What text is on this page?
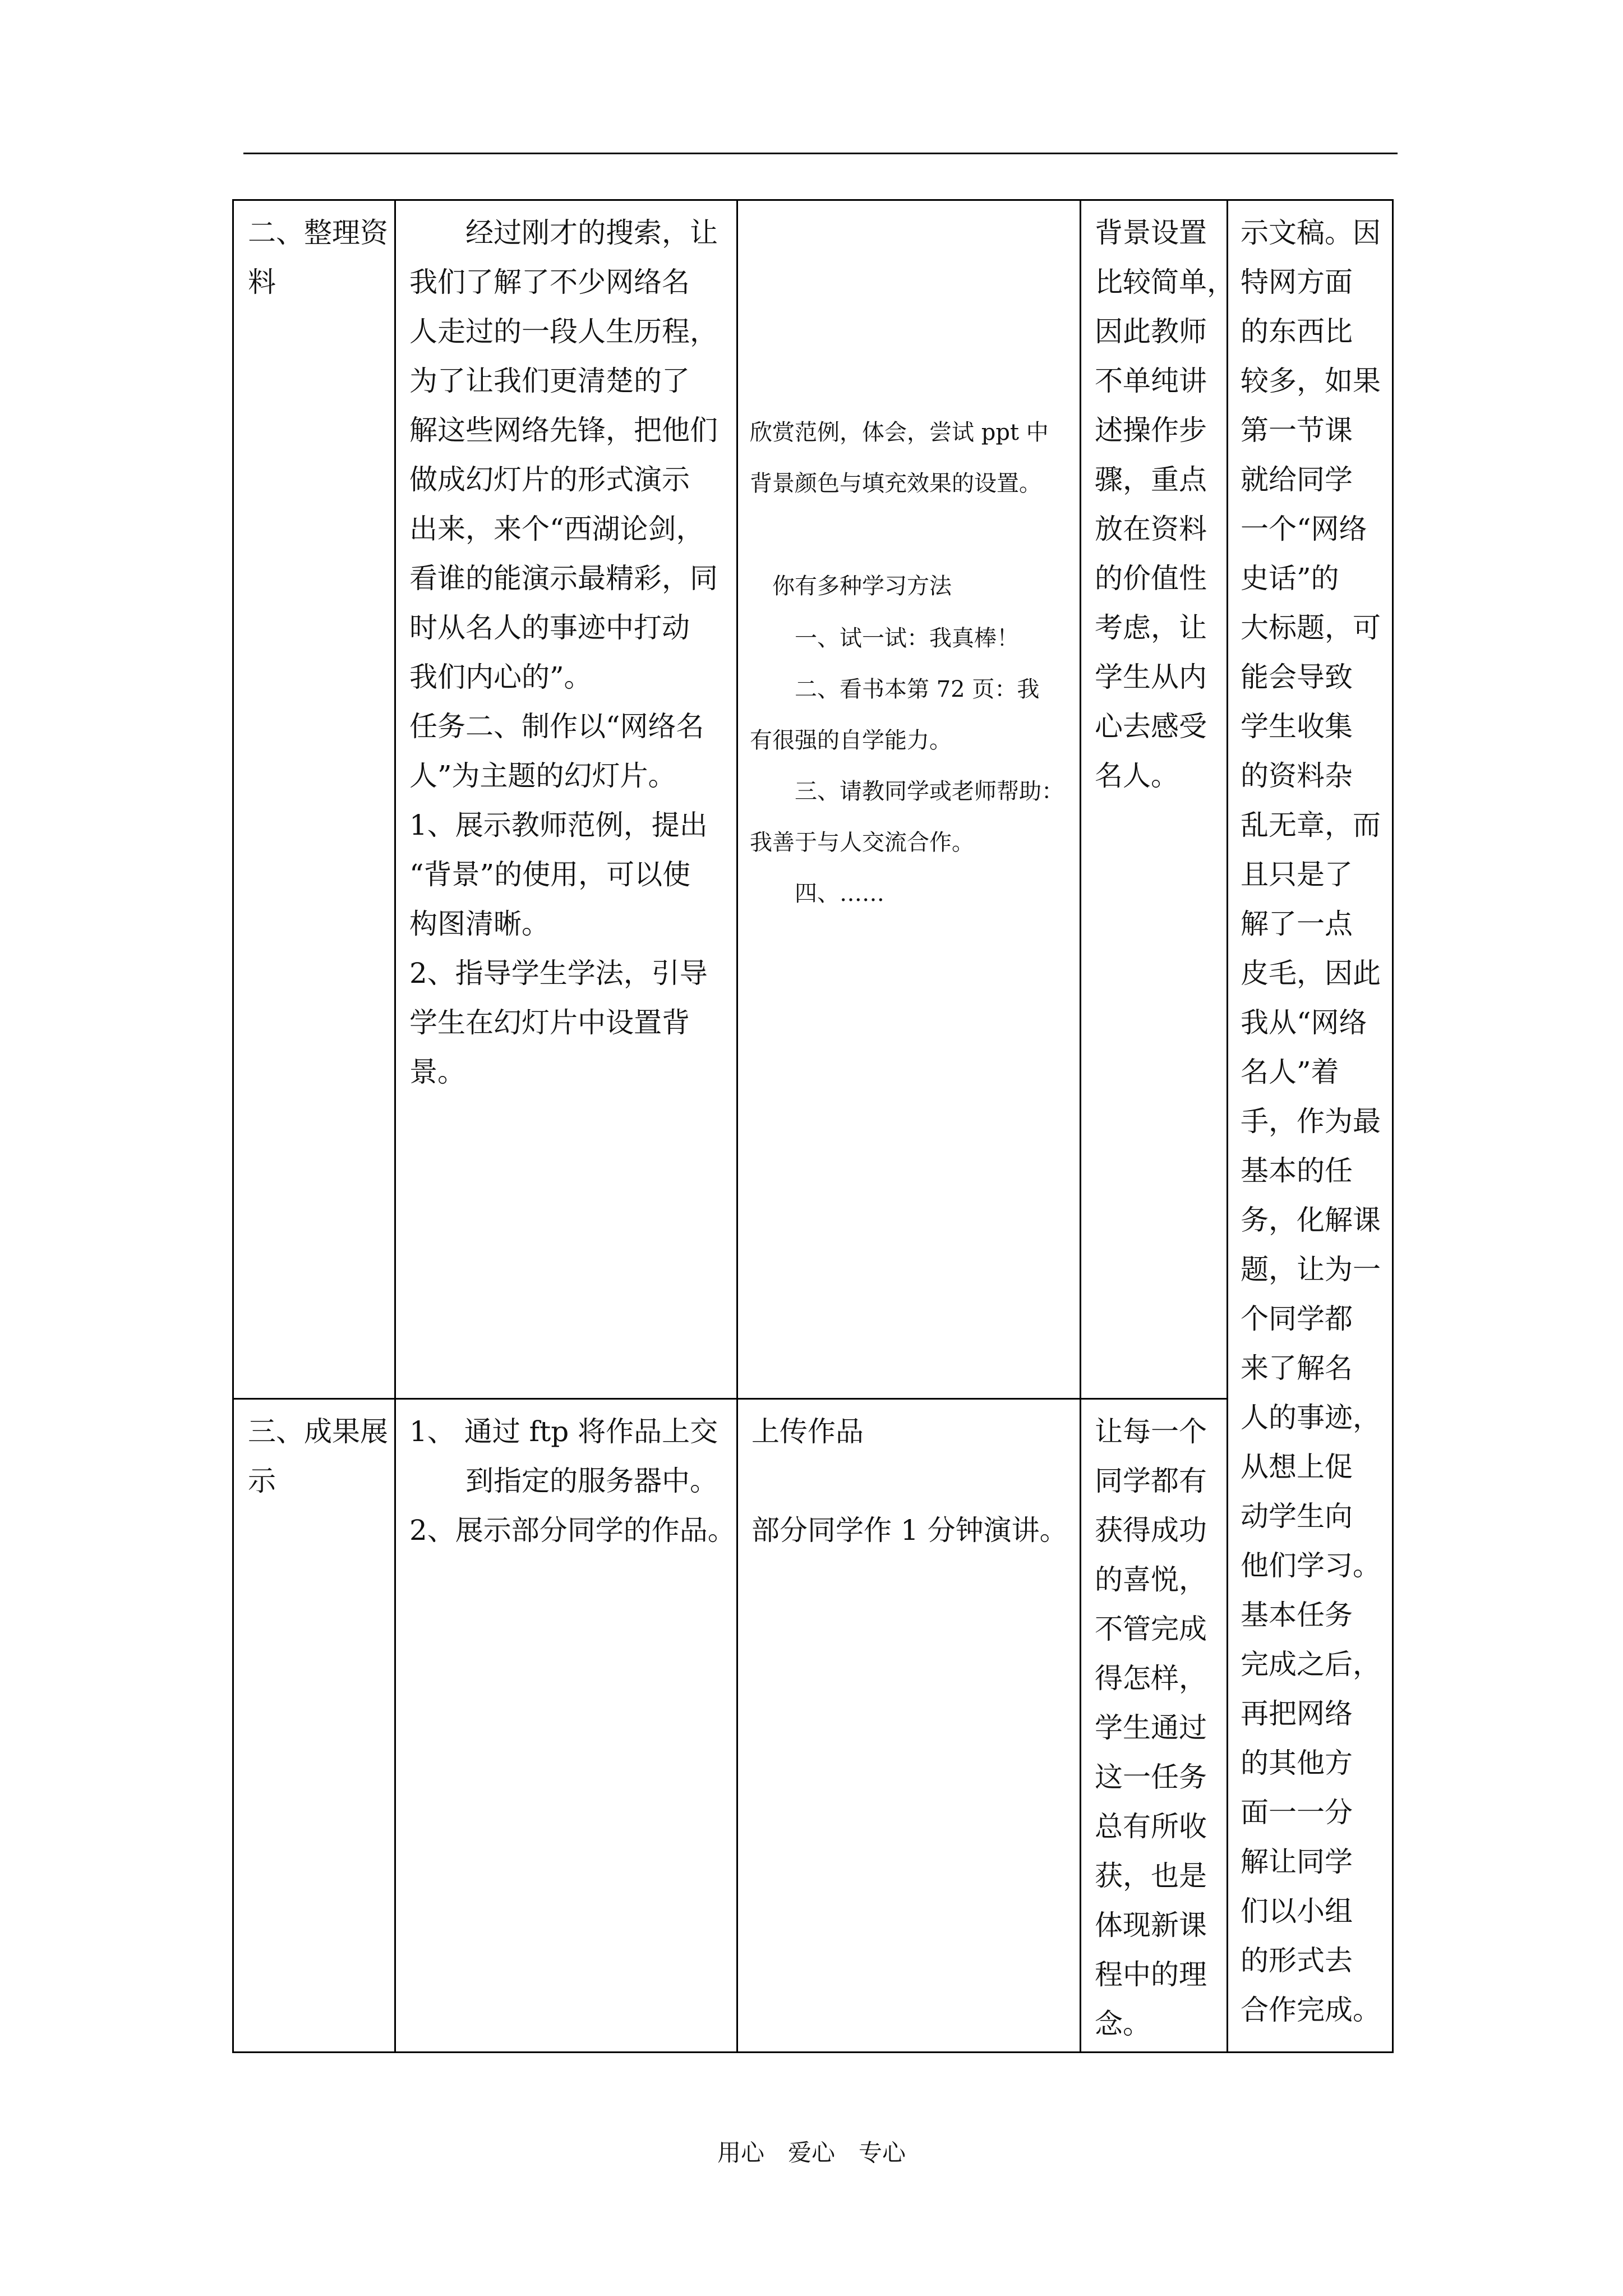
二、整理资
料
　　经过刚才的搜索，让
我们了解了不少网络名
人走过的一段人生历程，
为了让我们更清楚的了
解这些网络先锋，把他们
做成幻灯片的形式演示
出来，来个“西湖论剑，
看谁的能演示最精彩，同
时从名人的事迹中打动
我们内心的”。
任务二、制作以“网络名
人”为主题的幻灯片。
1、展示教师范例，提出
“背景”的使用，可以使
构图清晰。
2、指导学生学法，引导
学生在幻灯片中设置背
景。
欣赏范例，体会，尝试 ppt 中
背景颜色与填充效果的设置。
　你有多种学习方法
　　一、试一试：我真棒！
　　二、看书本第 72 页：我
有很强的自学能力。
　　三、请教同学或老师帮助：
我善于与人交流合作。
　　四、……
背景设置
比较简单，
因此教师
不单纯讲
述操作步
骤，重点
放在资料
的价值性
考虑，让
学生从内
心去感受
名人。
三、成果展
示
1、 通过 ftp 将作品上交
　　到指定的服务器中。
2、展示部分同学的作品。
上传作品
部分同学作 1 分钟演讲。
让每一个
同学都有
获得成功
的喜悦，
不管完成
得怎样，
学生通过
这一任务
总有所收
获，也是
体现新课
程中的理
念。
示文稿。因
特网方面
的东西比
较多，如果
第一节课
就给同学
一个“网络
史话”的
大标题，可
能会导致
学生收集
的资料杂
乱无章，而
且只是了
解了一点
皮毛，因此
我从“网络
名人”着
手，作为最
基本的任
务，化解课
题，让为一
个同学都
来了解名
人的事迹，
从想上促
动学生向
他们学习。
基本任务
完成之后，
再把网络
的其他方
面一一分
解让同学
们以小组
的形式去
合作完成。
用心　爱心　专心
